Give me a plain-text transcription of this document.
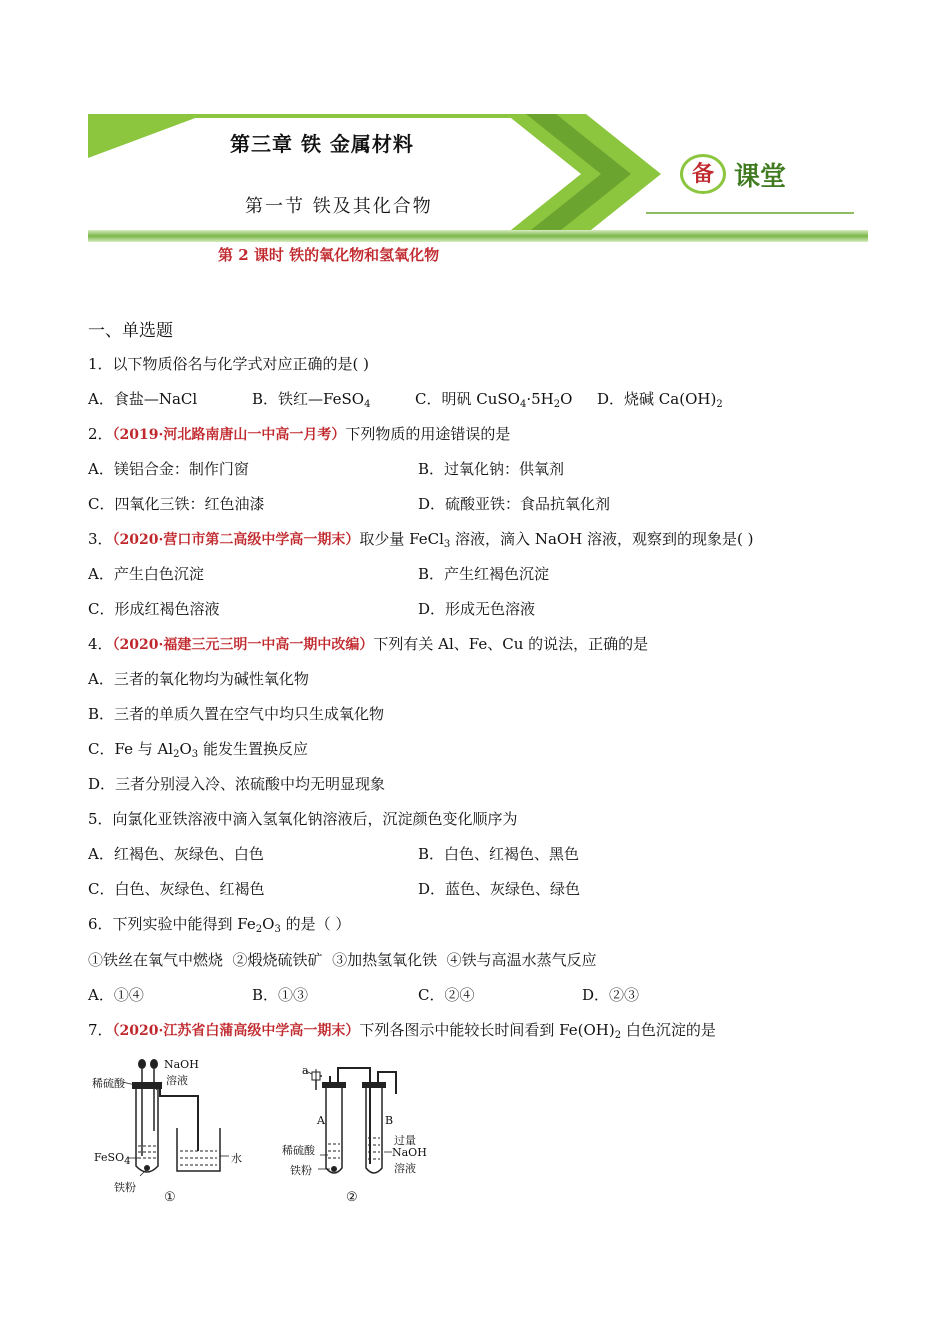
备 课堂
第三章 铁 金属材料
第一节 铁及其化合物
第 2 课时 铁的氧化物和氢氧化物
一、单选题
1．以下物质俗名与化学式对应正确的是( )
A．食盐—NaCl	B．铁红—FeSO$_4$	C．明矾 $CuSO_4\cdot 5H_2O$ D．烧碱 $Ca(OH)_2$
2．（2019·河北路南唐山一中高一月考）下列物质的用途错误的是
A．镁铝合金：制作门窗	B．过氧化钠：供氧剂
C．四氧化三铁：红色油漆	D．硫酸亚铁：食品抗氧化剂
3．（2020·营口市第二高级中学高一期末）取少量 FeCl$_3$ 溶液，滴入 NaOH 溶液，观察到的现象是( )
A．产生白色沉淀	B．产生红褐色沉淀
C．形成红褐色溶液	D．形成无色溶液
4．（2020·福建三元三明一中高一期中改编）下列有关 Al、Fe、Cu 的说法，正确的是
A．三者的氧化物均为碱性氧化物
B．三者的单质久置在空气中均只生成氧化物
C．Fe 与 $Al_2O_3$ 能发生置换反应
D．三者分别浸入冷、浓硫酸中均无明显现象
5．向氯化亚铁溶液中滴入氢氧化钠溶液后，沉淀颜色变化顺序为
A．红褐色、灰绿色、白色	B．白色、红褐色、黑色
C．白色、灰绿色、红褐色	D．蓝色、灰绿色、绿色
6．下列实验中能得到 $Fe_2O_3$ 的是（ ）
①铁丝在氧气中燃烧  ②煅烧硫铁矿  ③加热氢氧化铁  ④铁与高温水蒸气反应
A．①④	B．①③	C．②④	D．②③
7．（2020·江苏省白蒲高级中学高一期末）下列各图示中能较长时间看到 $Fe(OH)_2$ 白色沉淀的是
稀硫酸
NaOH
溶液
FeSO$_4$	水
铁粉
①
a
A	B
稀硫酸
铁粉
过量
NaOH
溶液
②
